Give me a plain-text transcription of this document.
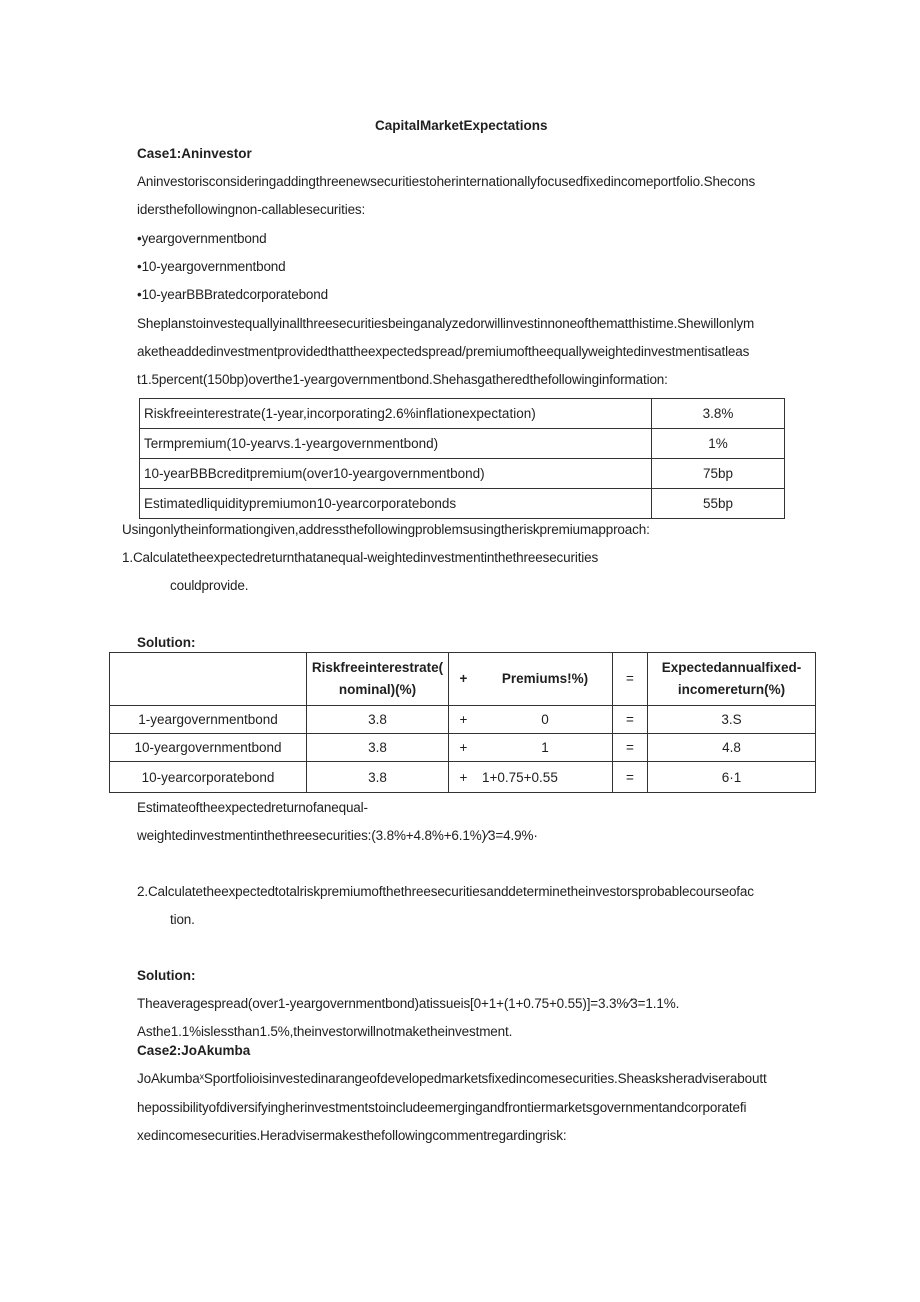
CapitalMarketExpectations
Case1:Aninvestor
Aninvestorisconsideringaddingthreenewsecuritiestoherinternationallyfocusedfixedincomeportfolio.Shecons
idersthefollowingnon-callablesecurities:
•yeargovernmentbond
•10-yeargovernmentbond
•10-yearBBBratedcorporatebond
Sheplanstoinvestequallyinallthreesecuritiesbeinganalyzedorwillinvestinnoneofthematthistime.Shewillonlym
aketheaddedinvestmentprovidedthattheexpectedspread/premiumoftheequallyweightedinvestmentisatleas
t1.5percent(150bp)overthe1-yeargovernmentbond.Shehasgatheredthefollowinginformation:
Riskfreeinterestrate(1-year,incorporating2.6%inflationexpectation)	3.8%
Termpremium(10-yearvs.1-yeargovernmentbond)	1%
10-yearBBBcreditpremium(over10-yeargovernmentbond)	75bp
Estimatedliquiditypremiumon10-yearcorporatebonds	55bp
Usingonlytheinformationgiven,addressthefollowingproblemsusingtheriskpremiumapproach:
1.Calculatetheexpectedreturnthatanequal-weightedinvestmentinthethreesecurities
couldprovide.
Solution:
	Riskfreeinterestrate(
nominal)(%)	+	Premiums!%)	=	Expectedannualfixed-
incomereturn(%)
1-yeargovernmentbond	3.8	+	0	=	3.S
10-yeargovernmentbond	3.8	+	1	=	4.8
10-yearcorporatebond	3.8	+	1+0.75+0.55	=	6·1
Estimateoftheexpectedreturnofanequal-
weightedinvestmentinthethreesecurities:(3.8%+4.8%+6.1%)⁄3=4.9%·
2.Calculatetheexpectedtotalriskpremiumofthethreesecuritiesanddeterminetheinvestorsprobablecourseofac
tion.
Solution:
Theaveragespread(over1-yeargovernmentbond)atissueis[0+1+(1+0.75+0.55)]=3.3%⁄3=1.1%.
Asthe1.1%islessthan1.5%,theinvestorwillnotmaketheinvestment.
Case2:JoAkumba
JoAkumbaˣSportfolioisinvestedinarangeofdevelopedmarketsfixedincomesecurities.Sheasksheradviseraboutt
hepossibilityofdiversifyingherinvestmentstoincludeemergingandfrontiermarketsgovernmentandcorporatefi
xedincomesecurities.Heradvisermakesthefollowingcommentregardingrisk:
